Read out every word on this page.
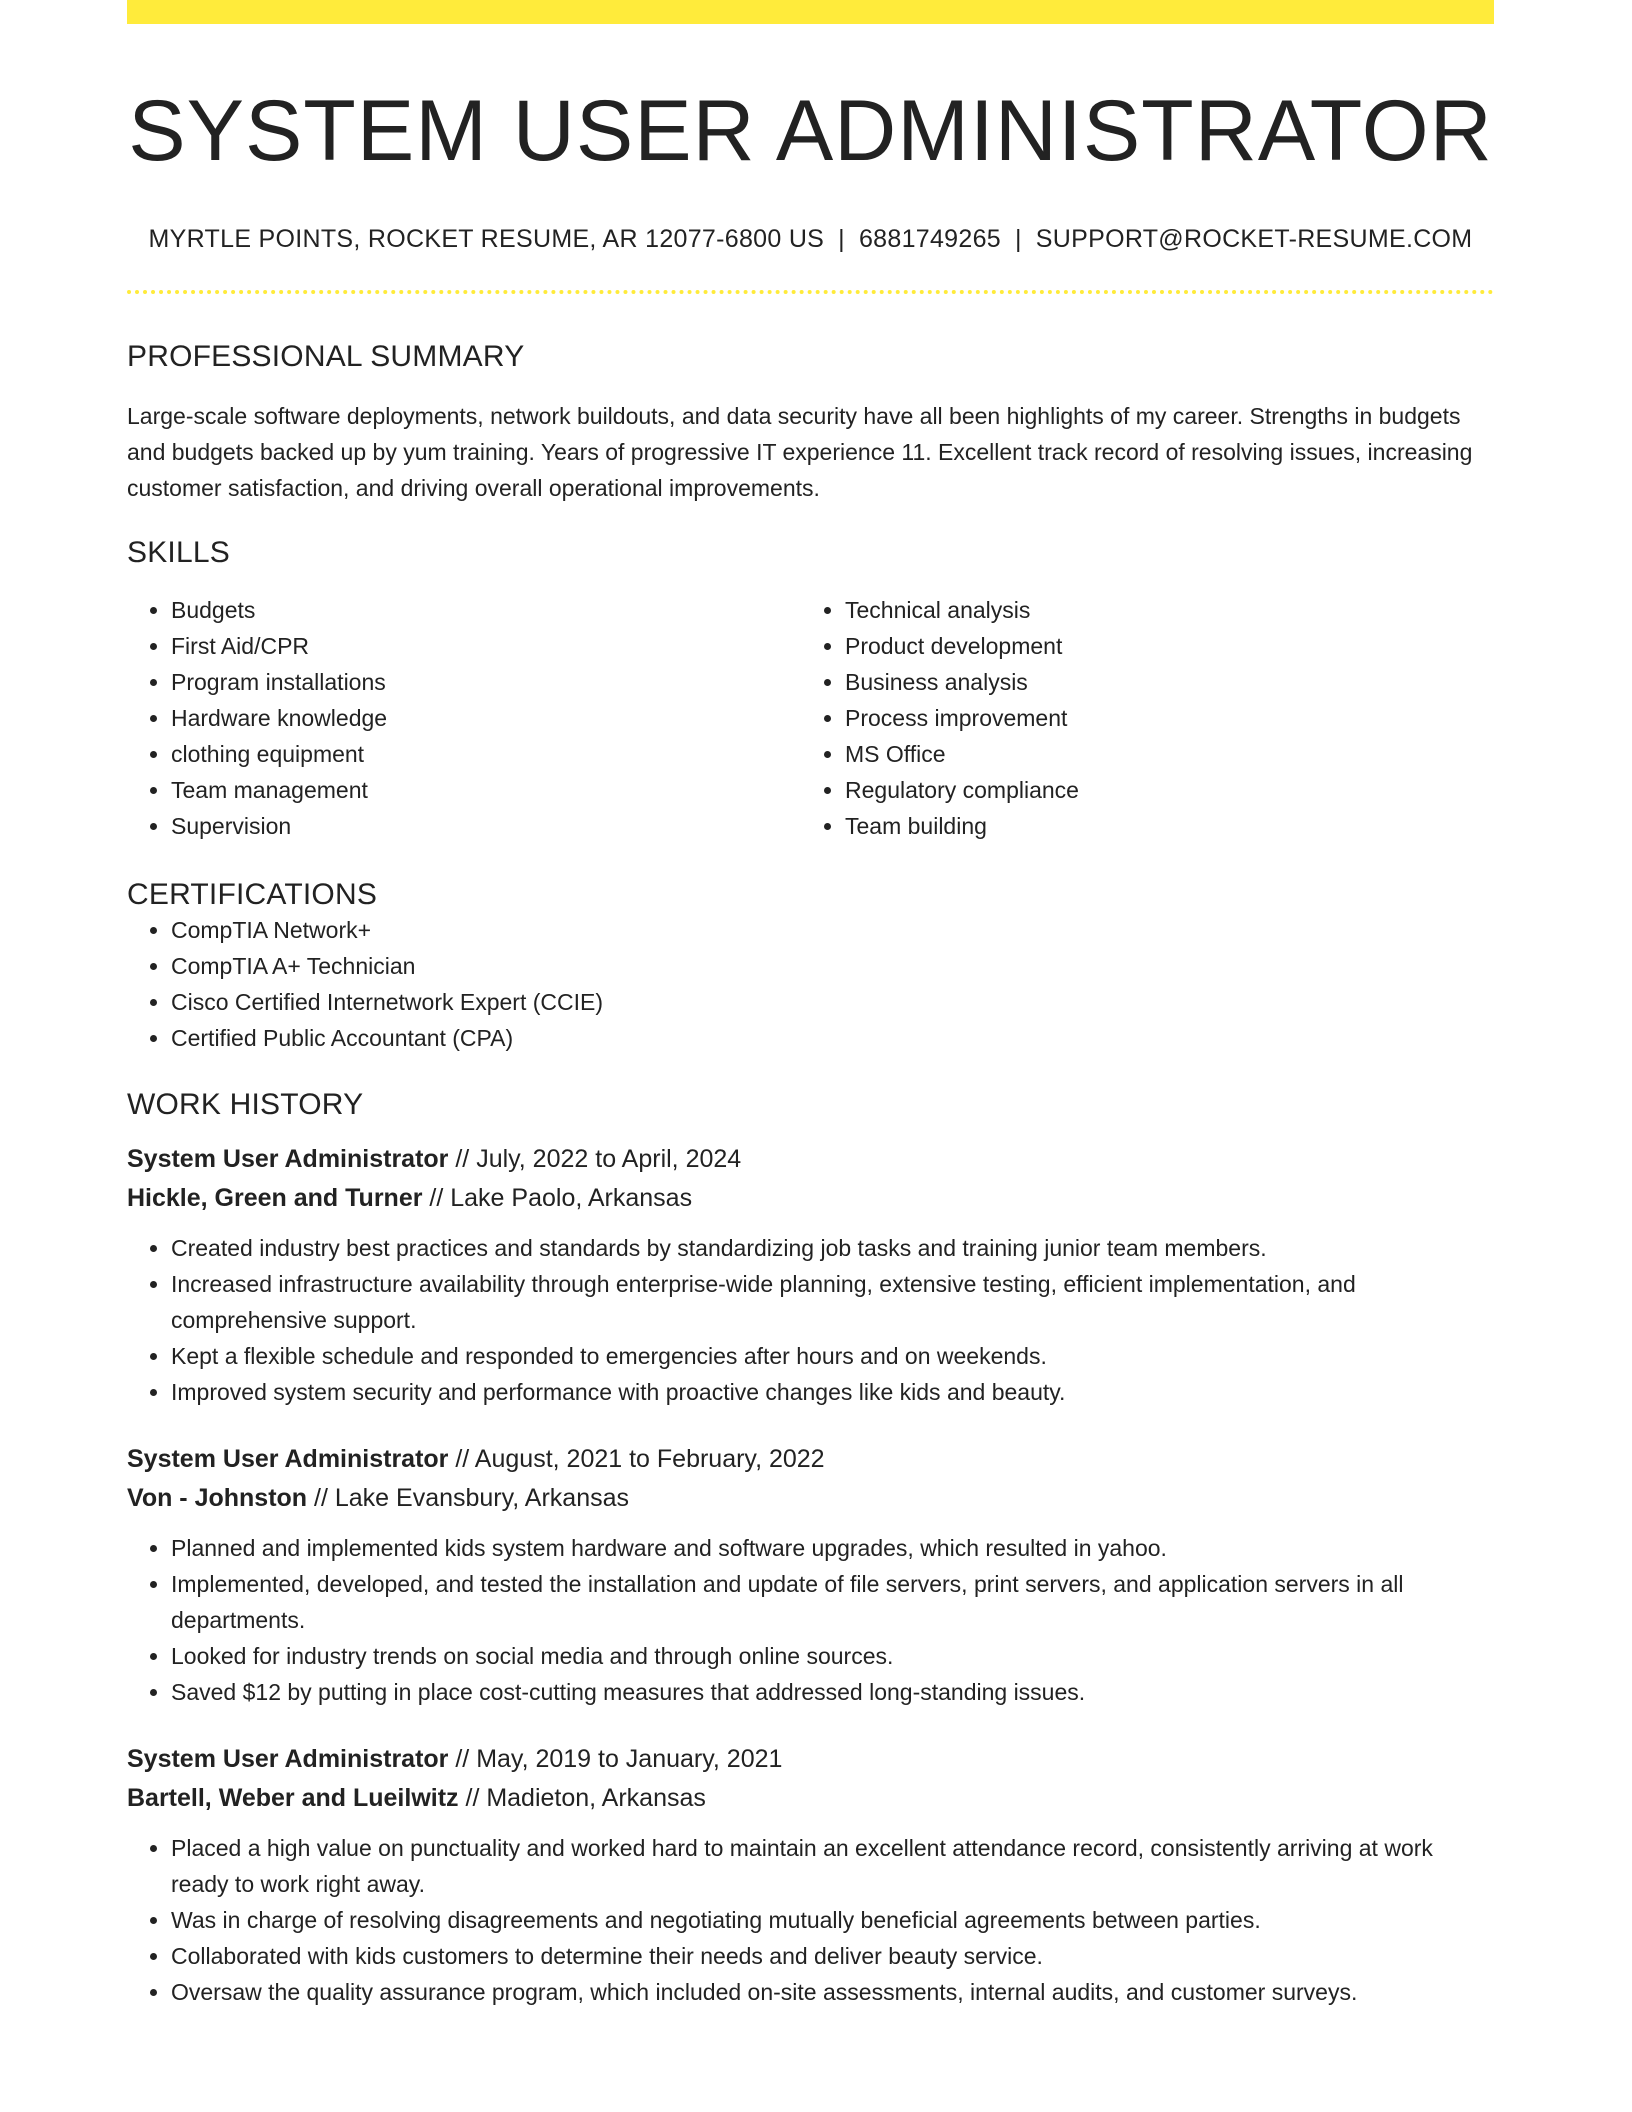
SYSTEM USER ADMINISTRATOR
MYRTLE POINTS, ROCKET RESUME, AR 12077-6800 US | 6881749265 | SUPPORT@ROCKET-RESUME.COM
PROFESSIONAL SUMMARY
Large-scale software deployments, network buildouts, and data security have all been highlights of my career. Strengths in budgets and budgets backed up by yum training. Years of progressive IT experience 11. Excellent track record of resolving issues, increasing customer satisfaction, and driving overall operational improvements.
SKILLS
• Budgets
• First Aid/CPR
• Program installations
• Hardware knowledge
• clothing equipment
• Team management
• Supervision
• Technical analysis
• Product development
• Business analysis
• Process improvement
• MS Office
• Regulatory compliance
• Team building
CERTIFICATIONS
• CompTIA Network+
• CompTIA A+ Technician
• Cisco Certified Internetwork Expert (CCIE)
• Certified Public Accountant (CPA)
WORK HISTORY
System User Administrator // July, 2022 to April, 2024
Hickle, Green and Turner // Lake Paolo, Arkansas
• Created industry best practices and standards by standardizing job tasks and training junior team members.
• Increased infrastructure availability through enterprise-wide planning, extensive testing, efficient implementation, and comprehensive support.
• Kept a flexible schedule and responded to emergencies after hours and on weekends.
• Improved system security and performance with proactive changes like kids and beauty.
System User Administrator // August, 2021 to February, 2022
Von - Johnston // Lake Evansbury, Arkansas
• Planned and implemented kids system hardware and software upgrades, which resulted in yahoo.
• Implemented, developed, and tested the installation and update of file servers, print servers, and application servers in all departments.
• Looked for industry trends on social media and through online sources.
• Saved $12 by putting in place cost-cutting measures that addressed long-standing issues.
System User Administrator // May, 2019 to January, 2021
Bartell, Weber and Lueilwitz // Madieton, Arkansas
• Placed a high value on punctuality and worked hard to maintain an excellent attendance record, consistently arriving at work ready to work right away.
• Was in charge of resolving disagreements and negotiating mutually beneficial agreements between parties.
• Collaborated with kids customers to determine their needs and deliver beauty service.
• Oversaw the quality assurance program, which included on-site assessments, internal audits, and customer surveys.
